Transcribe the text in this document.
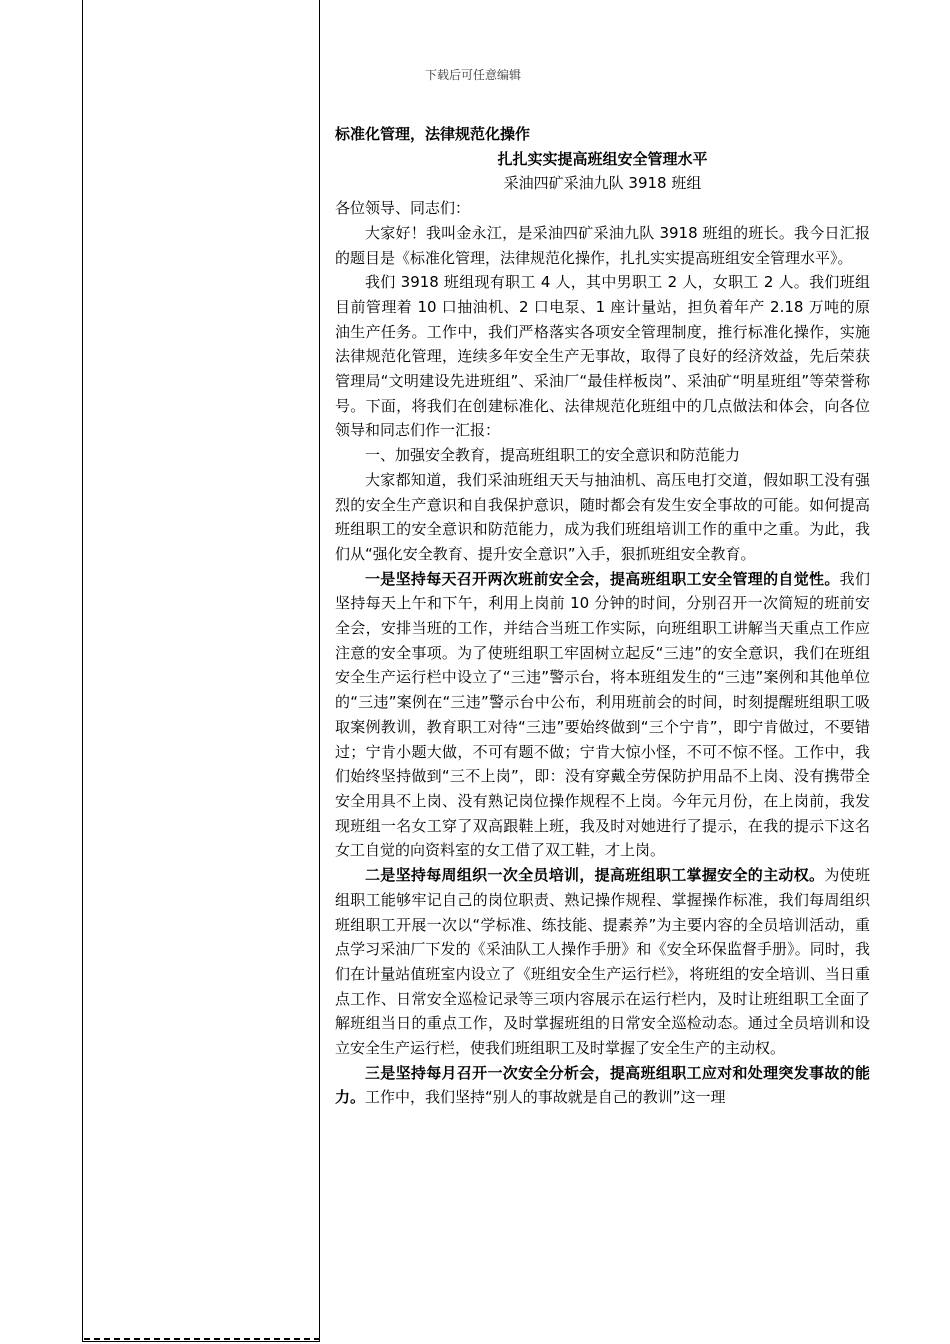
下载后可任意编辑

标准化管理，法律规范化操作

扎扎实实提高班组安全管理水平

采油四矿采油九队 3918 班组

各位领导、同志们：

大家好！我叫金永江，是采油四矿采油九队 3918 班组的班长。我今日汇报的题目是《标准化管理，法律规范化操作，扎扎实实提高班组安全管理水平》。

我们 3918 班组现有职工 4 人，其中男职工 2 人，女职工 2 人。我们班组目前管理着 10 口抽油机、2 口电泵、1 座计量站，担负着年产 2.18 万吨的原油生产任务。工作中，我们严格落实各项安全管理制度，推行标准化操作，实施法律规范化管理，连续多年安全生产无事故，取得了良好的经济效益，先后荣获管理局“文明建设先进班组”、采油厂“最佳样板岗”、采油矿“明星班组”等荣誉称号。下面，将我们在创建标准化、法律规范化班组中的几点做法和体会，向各位领导和同志们作一汇报：

一、加强安全教育，提高班组职工的安全意识和防范能力

大家都知道，我们采油班组天天与抽油机、高压电打交道，假如职工没有强烈的安全生产意识和自我保护意识，随时都会有发生安全事故的可能。如何提高班组职工的安全意识和防范能力，成为我们班组培训工作的重中之重。为此，我们从“强化安全教育、提升安全意识”入手，狠抓班组安全教育。

一是坚持每天召开两次班前安全会，提高班组职工安全管理的自觉性。我们坚持每天上午和下午，利用上岗前 10 分钟的时间，分别召开一次简短的班前安全会，安排当班的工作，并结合当班工作实际，向班组职工讲解当天重点工作应注意的安全事项。为了使班组职工牢固树立起反“三违”的安全意识，我们在班组安全生产运行栏中设立了“三违”警示台，将本班组发生的“三违”案例和其他单位的“三违”案例在“三违”警示台中公布，利用班前会的时间，时刻提醒班组职工吸取案例教训，教育职工对待“三违”要始终做到“三个宁肯”，即宁肯做过，不要错过；宁肯小题大做，不可有题不做；宁肯大惊小怪，不可不惊不怪。工作中，我们始终坚持做到“三不上岗”，即：没有穿戴全劳保防护用品不上岗、没有携带全安全用具不上岗、没有熟记岗位操作规程不上岗。今年元月份，在上岗前，我发现班组一名女工穿了双高跟鞋上班，我及时对她进行了提示，在我的提示下这名女工自觉的向资料室的女工借了双工鞋，才上岗。

二是坚持每周组织一次全员培训，提高班组职工掌握安全的主动权。为使班组职工能够牢记自己的岗位职责、熟记操作规程、掌握操作标准，我们每周组织班组职工开展一次以“学标准、练技能、提素养”为主要内容的全员培训活动，重点学习采油厂下发的《采油队工人操作手册》和《安全环保监督手册》。同时，我们在计量站值班室内设立了《班组安全生产运行栏》，将班组的安全培训、当日重点工作、日常安全巡检记录等三项内容展示在运行栏内，及时让班组职工全面了解班组当日的重点工作，及时掌握班组的日常安全巡检动态。通过全员培训和设立安全生产运行栏，使我们班组职工及时掌握了安全生产的主动权。

三是坚持每月召开一次安全分析会，提高班组职工应对和处理突发事故的能力。工作中，我们坚持“别人的事故就是自己的教训”这一理
